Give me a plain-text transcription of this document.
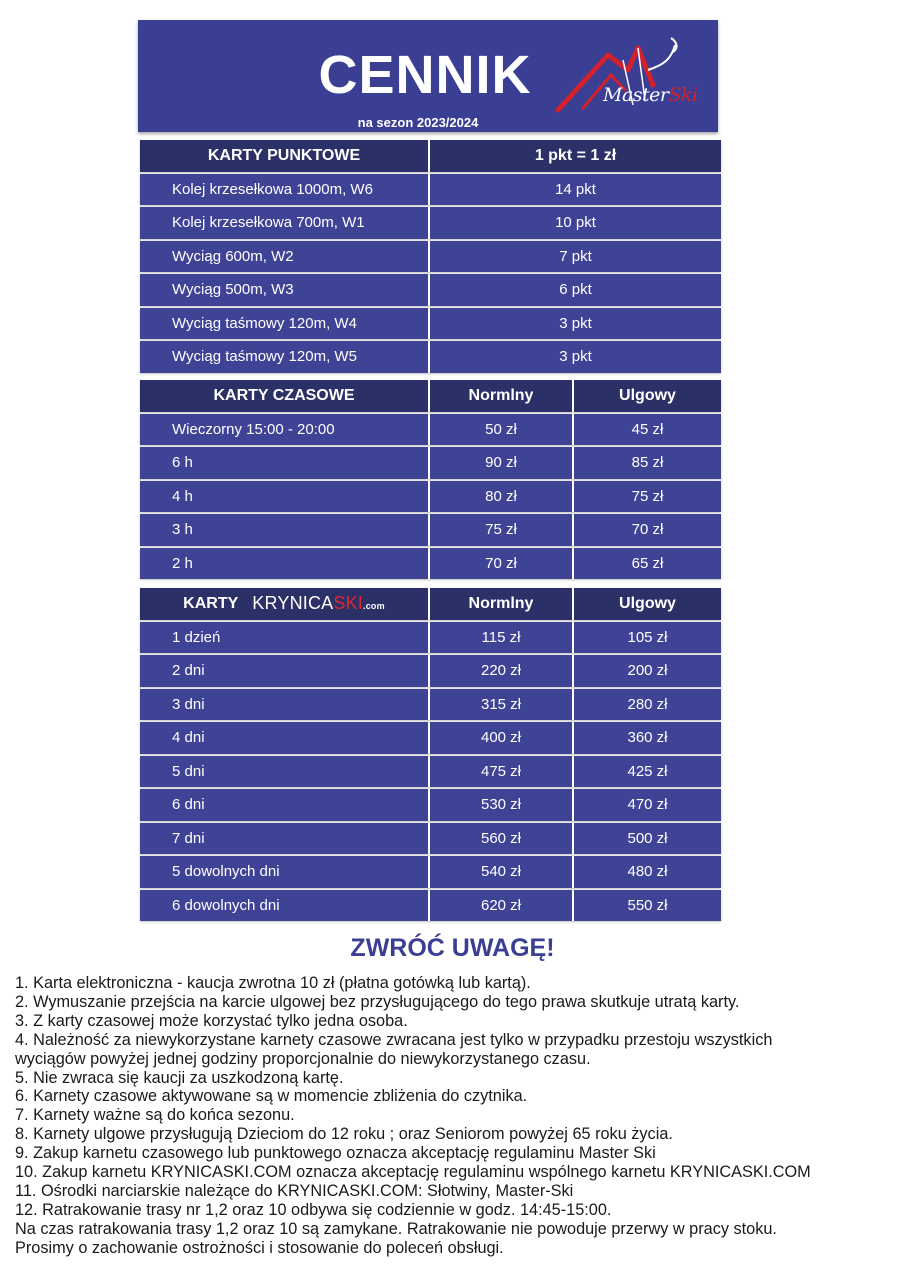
CENNIK
na sezon 2023/2024
MasterSki
KARTY PUNKTOWE	1 pkt = 1 zł
Kolej krzesełkowa 1000m, W6	14 pkt
Kolej krzesełkowa 700m, W1	10 pkt
Wyciąg 600m, W2	7 pkt
Wyciąg 500m, W3	6 pkt
Wyciąg taśmowy 120m, W4	3 pkt
Wyciąg taśmowy 120m, W5	3 pkt
KARTY CZASOWE	Normlny	Ulgowy
Wieczorny 15:00 - 20:00	50 zł	45 zł
6 h	90 zł	85 zł
4 h	80 zł	75 zł
3 h	75 zł	70 zł
2 h	70 zł	65 zł
KARTY KRYNICASKI.com	Normlny	Ulgowy
1 dzień	115 zł	105 zł
2 dni	220 zł	200 zł
3 dni	315 zł	280 zł
4 dni	400 zł	360 zł
5 dni	475 zł	425 zł
6 dni	530 zł	470 zł
7 dni	560 zł	500 zł
5 dowolnych dni	540 zł	480 zł
6 dowolnych dni	620 zł	550 zł
ZWRÓĆ UWAGĘ!
1. Karta elektroniczna - kaucja zwrotna 10 zł (płatna gotówką lub kartą).
2. Wymuszanie przejścia na karcie ulgowej bez przysługującego do tego prawa skutkuje utratą karty.
3. Z karty czasowej może korzystać tylko jedna osoba.
4. Należność za niewykorzystane karnety czasowe zwracana jest tylko w przypadku przestoju wszystkich
wyciągów powyżej jednej godziny proporcjonalnie do niewykorzystanego czasu.
5. Nie zwraca się kaucji za uszkodzoną kartę.
6. Karnety czasowe aktywowane są w momencie zbliżenia do czytnika.
7. Karnety ważne są do końca sezonu.
8. Karnety ulgowe przysługują Dzieciom do 12 roku ; oraz Seniorom powyżej 65 roku życia.
9. Zakup karnetu czasowego lub punktowego oznacza akceptację regulaminu Master Ski
10. Zakup karnetu KRYNICASKI.COM oznacza akceptację regulaminu wspólnego karnetu KRYNICASKI.COM
11. Ośrodki narciarskie należące do KRYNICASKI.COM: Słotwiny, Master-Ski
12. Ratrakowanie trasy nr 1,2 oraz 10 odbywa się codziennie w godz. 14:45-15:00.
Na czas ratrakowania trasy 1,2 oraz 10 są zamykane. Ratrakowanie nie powoduje przerwy w pracy stoku.
Prosimy o zachowanie ostrożności i stosowanie do poleceń obsługi.
